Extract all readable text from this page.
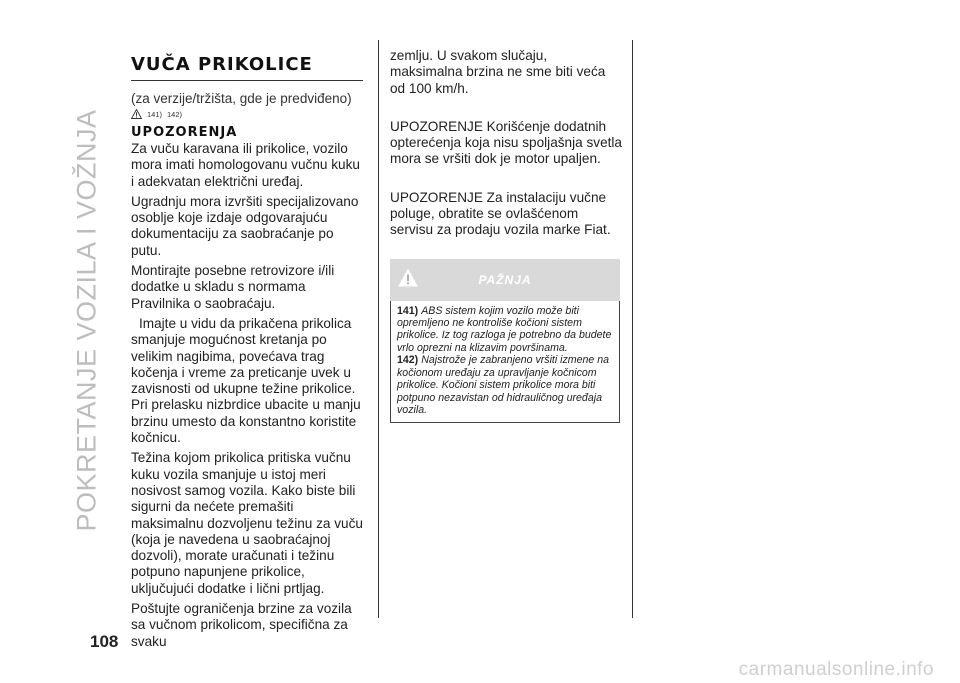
POKRETANJE VOZILA I VOŽNJA
108
VUČA PRIKOLICE
(za verzije/tržišta, gde je predviđeno)
141) 142)
UPOZORENJA

Za vuču karavana ili prikolice, vozilo mora imati homologovanu vučnu kuku i adekvatan električni uređaj.

Ugradnju mora izvršiti specijalizovano osoblje koje izdaje odgovarajuću dokumentaciju za saobraćanje po putu.

Montirajte posebne retrovizore i/ili dodatke u skladu s normama Pravilnika o saobraćaju.

Imajte u vidu da prikačena prikolica smanjuje mogućnost kretanja po velikim nagibima, povećava trag kočenja i vreme za preticanje uvek u zavisnosti od ukupne težine prikolice. Pri prelasku nizbrdice ubacite u manju brzinu umesto da konstantno koristite kočnicu.

Težina kojom prikolica pritiska vučnu kuku vozila smanjuje u istoj meri nosivost samog vozila. Kako biste bili sigurni da nećete premašiti maksimalnu dozvoljenu težinu za vuču (koja je navedena u saobraćajnoj dozvoli), morate uračunati i težinu potpuno napunjene prikolice, uključujući dodatke i lični prtljag.

Poštujte ograničenja brzine za vozila sa vučnom prikolicom, specifična za svaku

zemlju. U svakom slučaju, maksimalna brzina ne sme biti veća od 100 km/h.

UPOZORENJE Korišćenje dodatnih opterećenja koja nisu spoljašnja svetla mora se vršiti dok je motor upaljen.

UPOZORENJE Za instalaciju vučne poluge, obratite se ovlašćenom servisu za prodaju vozila marke Fiat.

PAŽNJA

141) ABS sistem kojim vozilo može biti opremljeno ne kontroliše kočioni sistem prikolice. Iz tog razloga je potrebno da budete vrlo oprezni na klizavim površinama.

142) Najstrože je zabranjeno vršiti izmene na kočionom uređaju za upravljanje kočnicom prikolice. Kočioni sistem prikolice mora biti potpuno nezavistan od hidrauličnog uređaja vozila.

carmanualsonline.info
